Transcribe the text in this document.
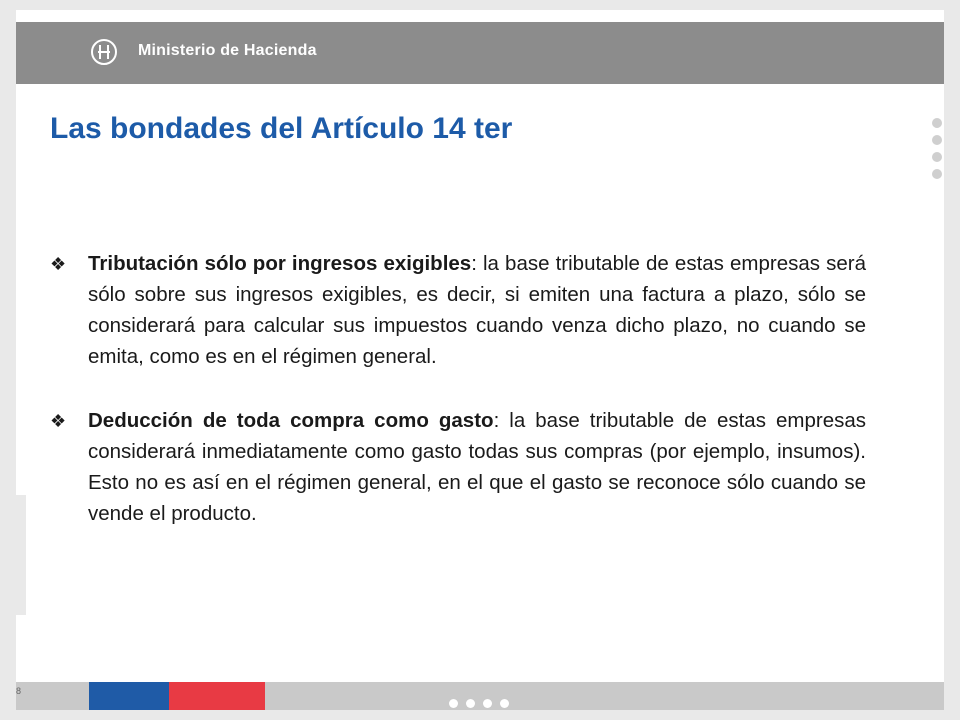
Ministerio de Hacienda
Las bondades del Artículo 14 ter
❖ Tributación sólo por ingresos exigibles: la base tributable de estas empresas será sólo sobre sus ingresos exigibles, es decir, si emiten una factura a plazo, sólo se considerará para calcular sus impuestos cuando venza dicho plazo, no cuando se emita, como es en el régimen general.
❖ Deducción de toda compra como gasto: la base tributable de estas empresas considerará inmediatamente como gasto todas sus compras (por ejemplo, insumos). Esto no es así en el régimen general, en el que el gasto se reconoce sólo cuando se vende el producto.
8
